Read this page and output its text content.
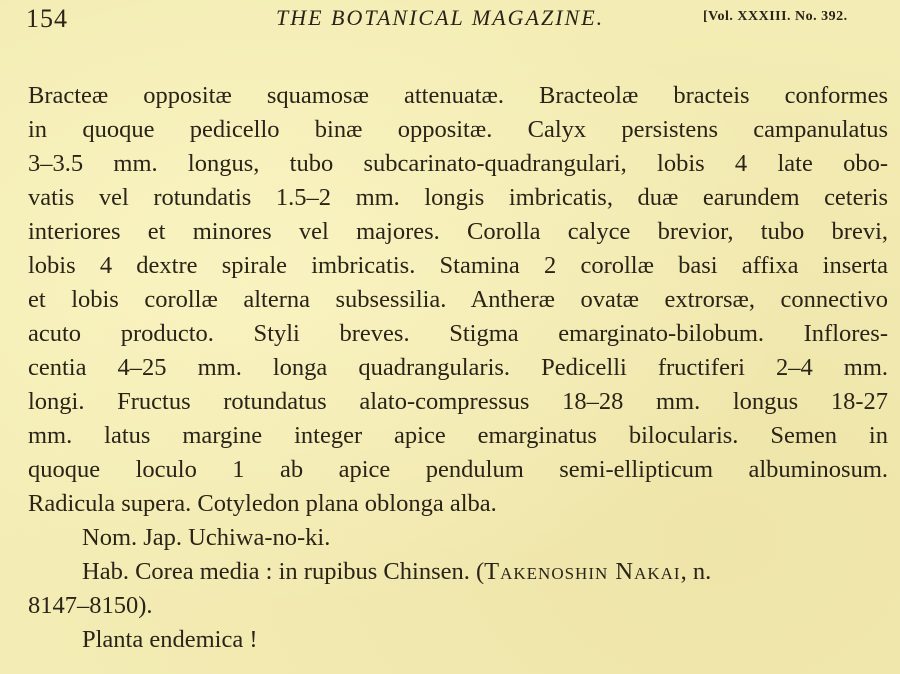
154	THE BOTANICAL MAGAZINE.	[Vol. XXXIII. No. 392.
Bracteæ oppositæ squamosæ attenuatæ. Bracteolæ bracteis conformes
in quoque pedicello binæ oppositæ. Calyx persistens campanulatus
3–3.5 mm. longus, tubo subcarinato-quadrangulari, lobis 4 late obo-
vatis vel rotundatis 1.5–2 mm. longis imbricatis, duæ earundem ceteris
interiores et minores vel majores. Corolla calyce brevior, tubo brevi,
lobis 4 dextre spirale imbricatis. Stamina 2 corollæ basi affixa inserta
et lobis corollæ alterna subsessilia. Antheræ ovatæ extrorsæ, connectivo
acuto producto. Styli breves. Stigma emarginato-bilobum. Inflores-
centia 4–25 mm. longa quadrangularis. Pedicelli fructiferi 2–4 mm.
longi. Fructus rotundatus alato-compressus 18–28 mm. longus 18-27
mm. latus margine integer apice emarginatus bilocularis. Semen in
quoque loculo 1 ab apice pendulum semi-ellipticum albuminosum.
Radicula supera. Cotyledon plana oblonga alba.
Nom. Jap. Uchiwa-no-ki.
Hab. Corea media : in rupibus Chinsen. (Takenoshin Nakai, n.
8147–8150).
Planta endemica !
